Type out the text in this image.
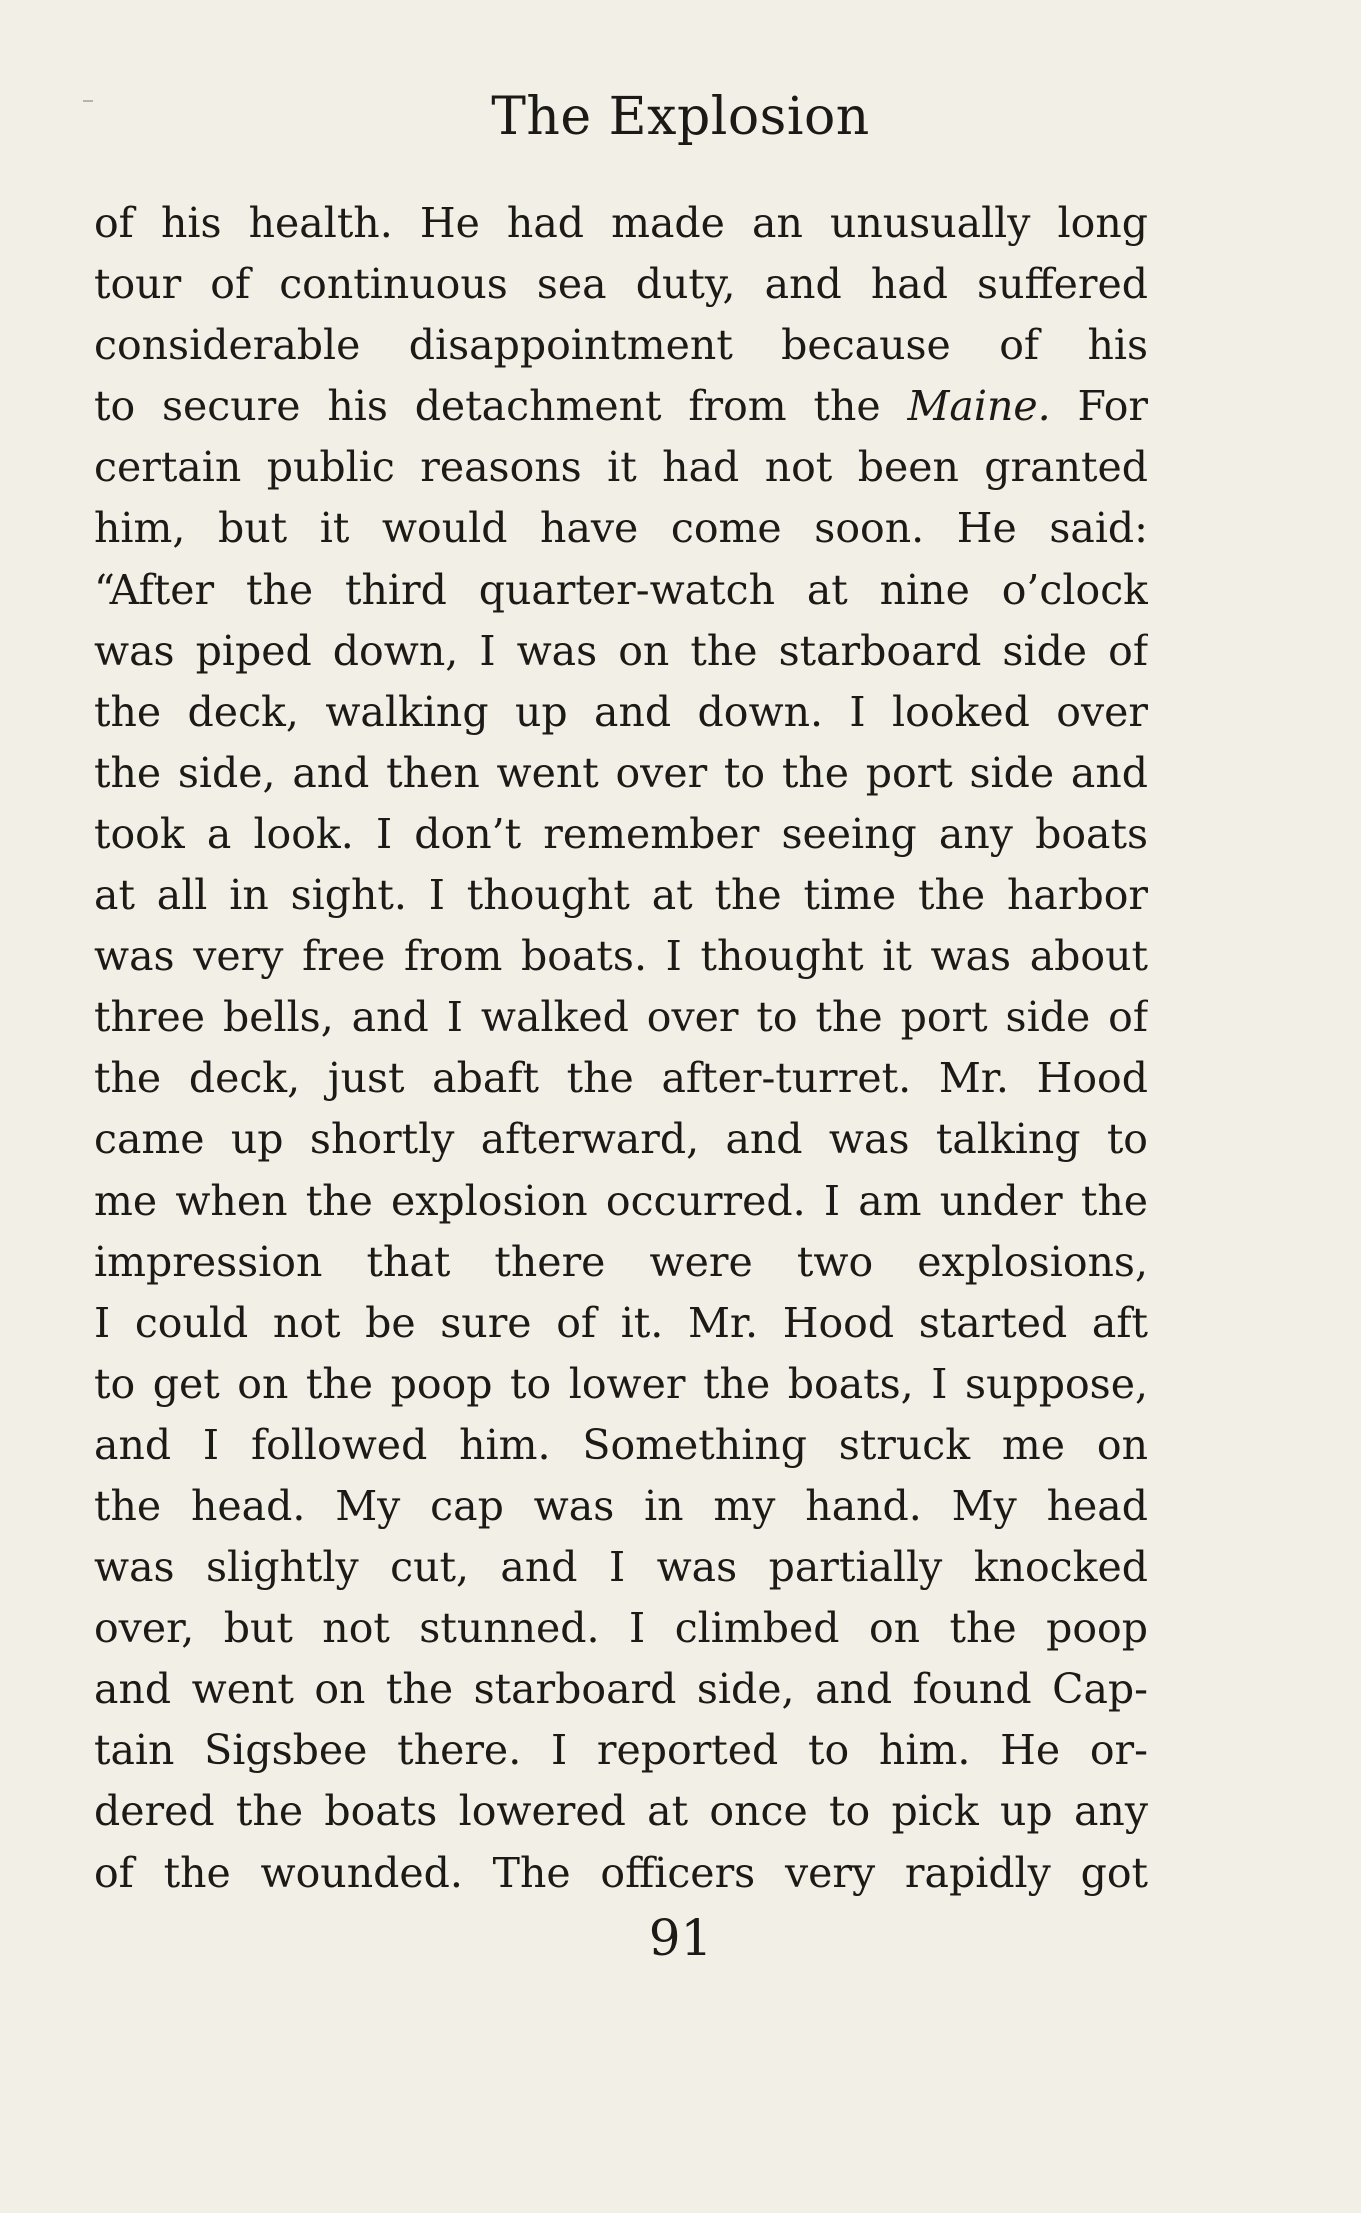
The Explosion
of his health. He had made an unusually long
tour of continuous sea duty, and had suffered
considerable disappointment because of his
to secure his detachment from the Maine. For
certain public reasons it had not been granted
him, but it would have come soon. He said:
“After the third quarter-watch at nine o’clock
was piped down, I was on the starboard side of
the deck, walking up and down. I looked over
the side, and then went over to the port side and
took a look. I don’t remember seeing any boats
at all in sight. I thought at the time the harbor
was very free from boats. I thought it was about
three bells, and I walked over to the port side of
the deck, just abaft the after-turret. Mr. Hood
came up shortly afterward, and was talking to
me when the explosion occurred. I am under the
impression that there were two explosions,
I could not be sure of it. Mr. Hood started aft
to get on the poop to lower the boats, I suppose,
and I followed him. Something struck me on
the head. My cap was in my hand. My head
was slightly cut, and I was partially knocked
over, but not stunned. I climbed on the poop
and went on the starboard side, and found Cap-
tain Sigsbee there. I reported to him. He or-
dered the boats lowered at once to pick up any
of the wounded. The officers very rapidly got
91
